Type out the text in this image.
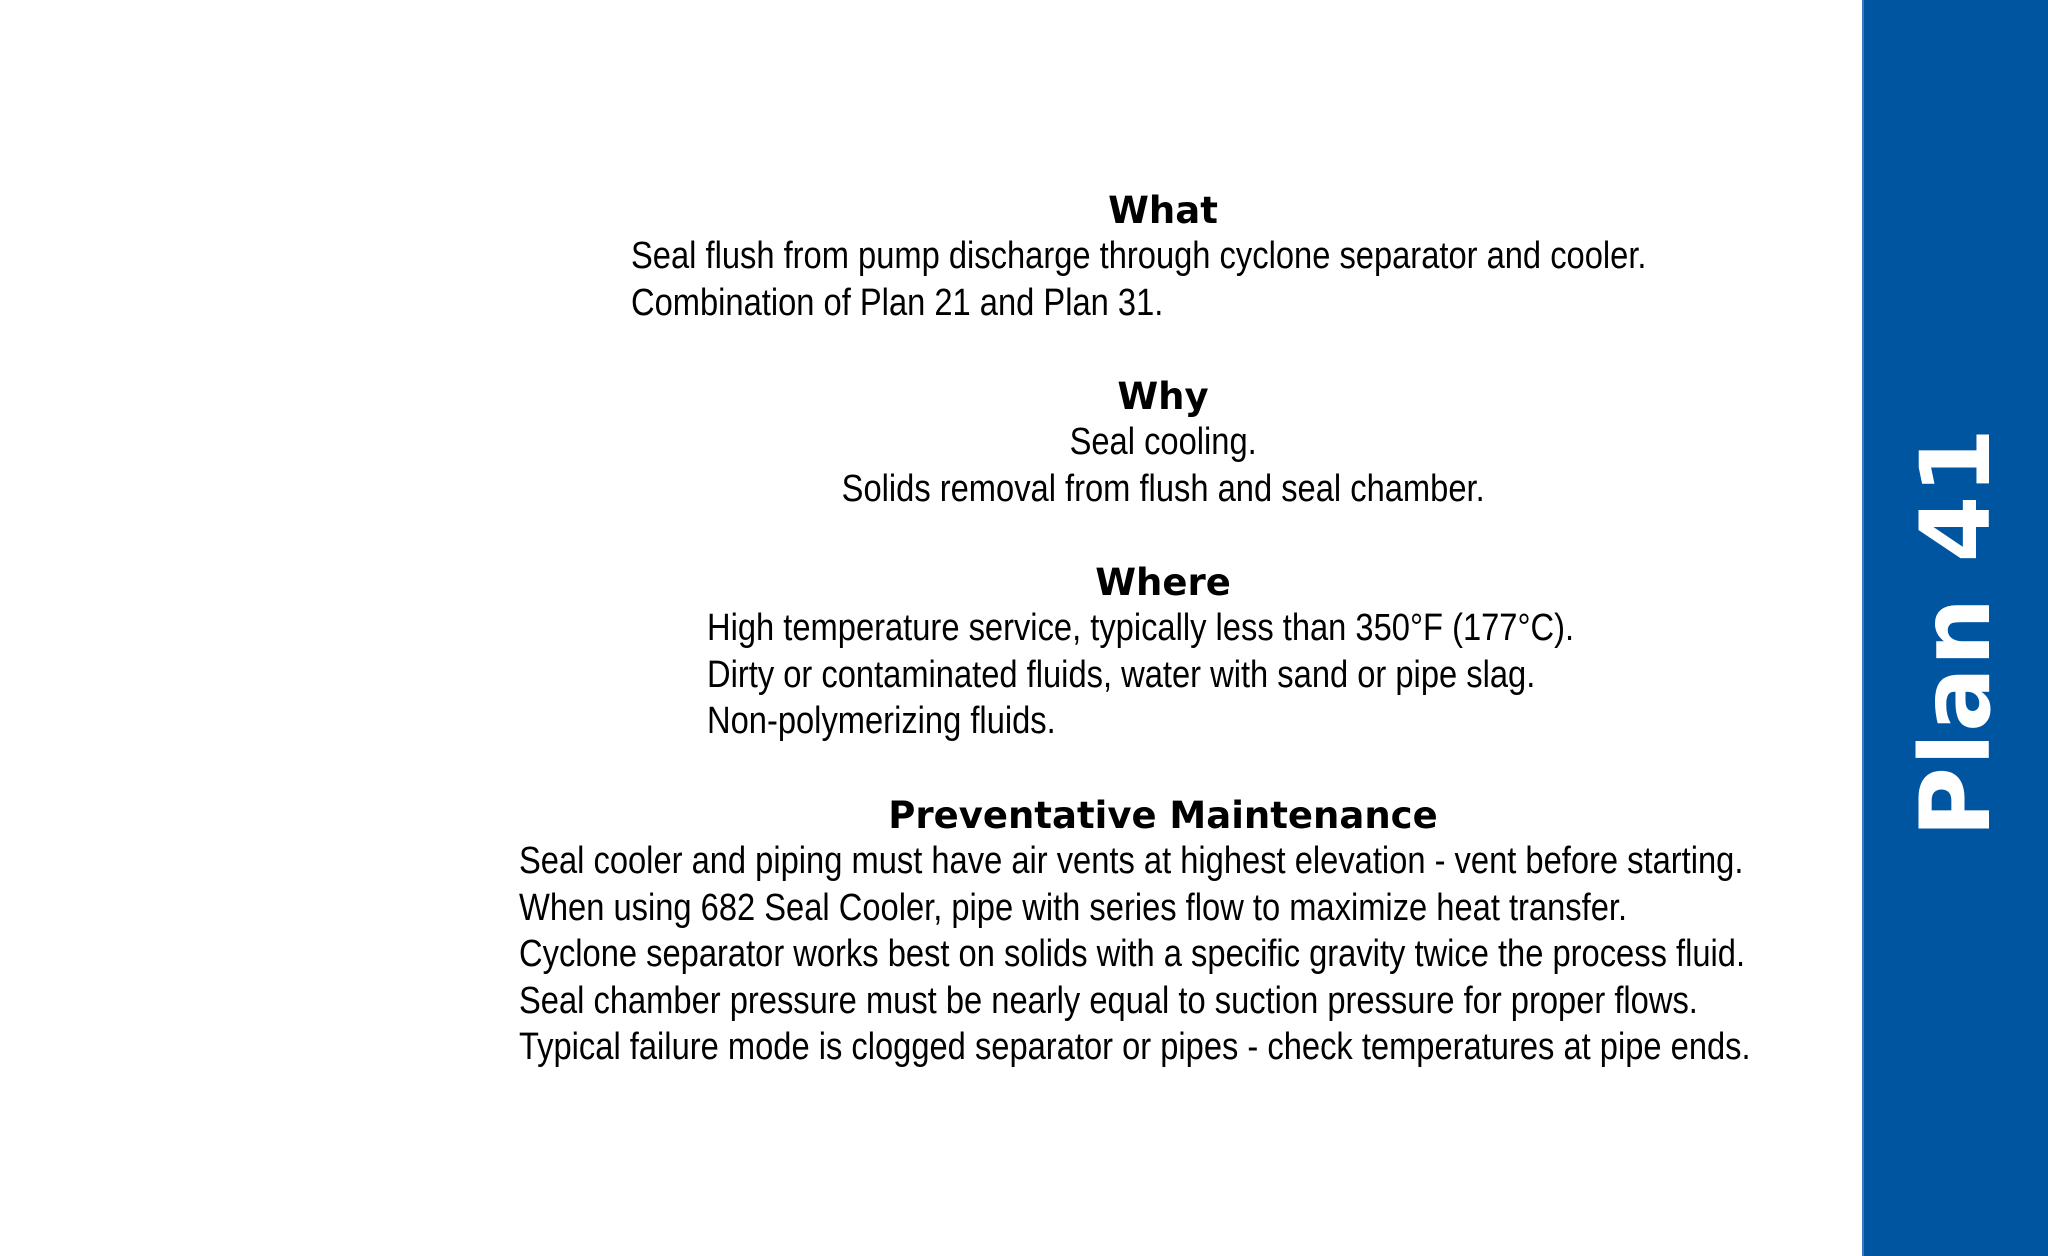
What
Seal flush from pump discharge through cyclone separator and cooler.
Combination of Plan 21 and Plan 31.
Why
Seal cooling.
Solids removal from flush and seal chamber.
Where
High temperature service, typically less than 350°F (177°C).
Dirty or contaminated fluids, water with sand or pipe slag.
Non-polymerizing fluids.
Preventative Maintenance
Seal cooler and piping must have air vents at highest elevation - vent before starting.
When using 682 Seal Cooler, pipe with series flow to maximize heat transfer.
Cyclone separator works best on solids with a specific gravity twice the process fluid.
Seal chamber pressure must be nearly equal to suction pressure for proper flows.
Typical failure mode is clogged separator or pipes - check temperatures at pipe ends.
Plan 41
